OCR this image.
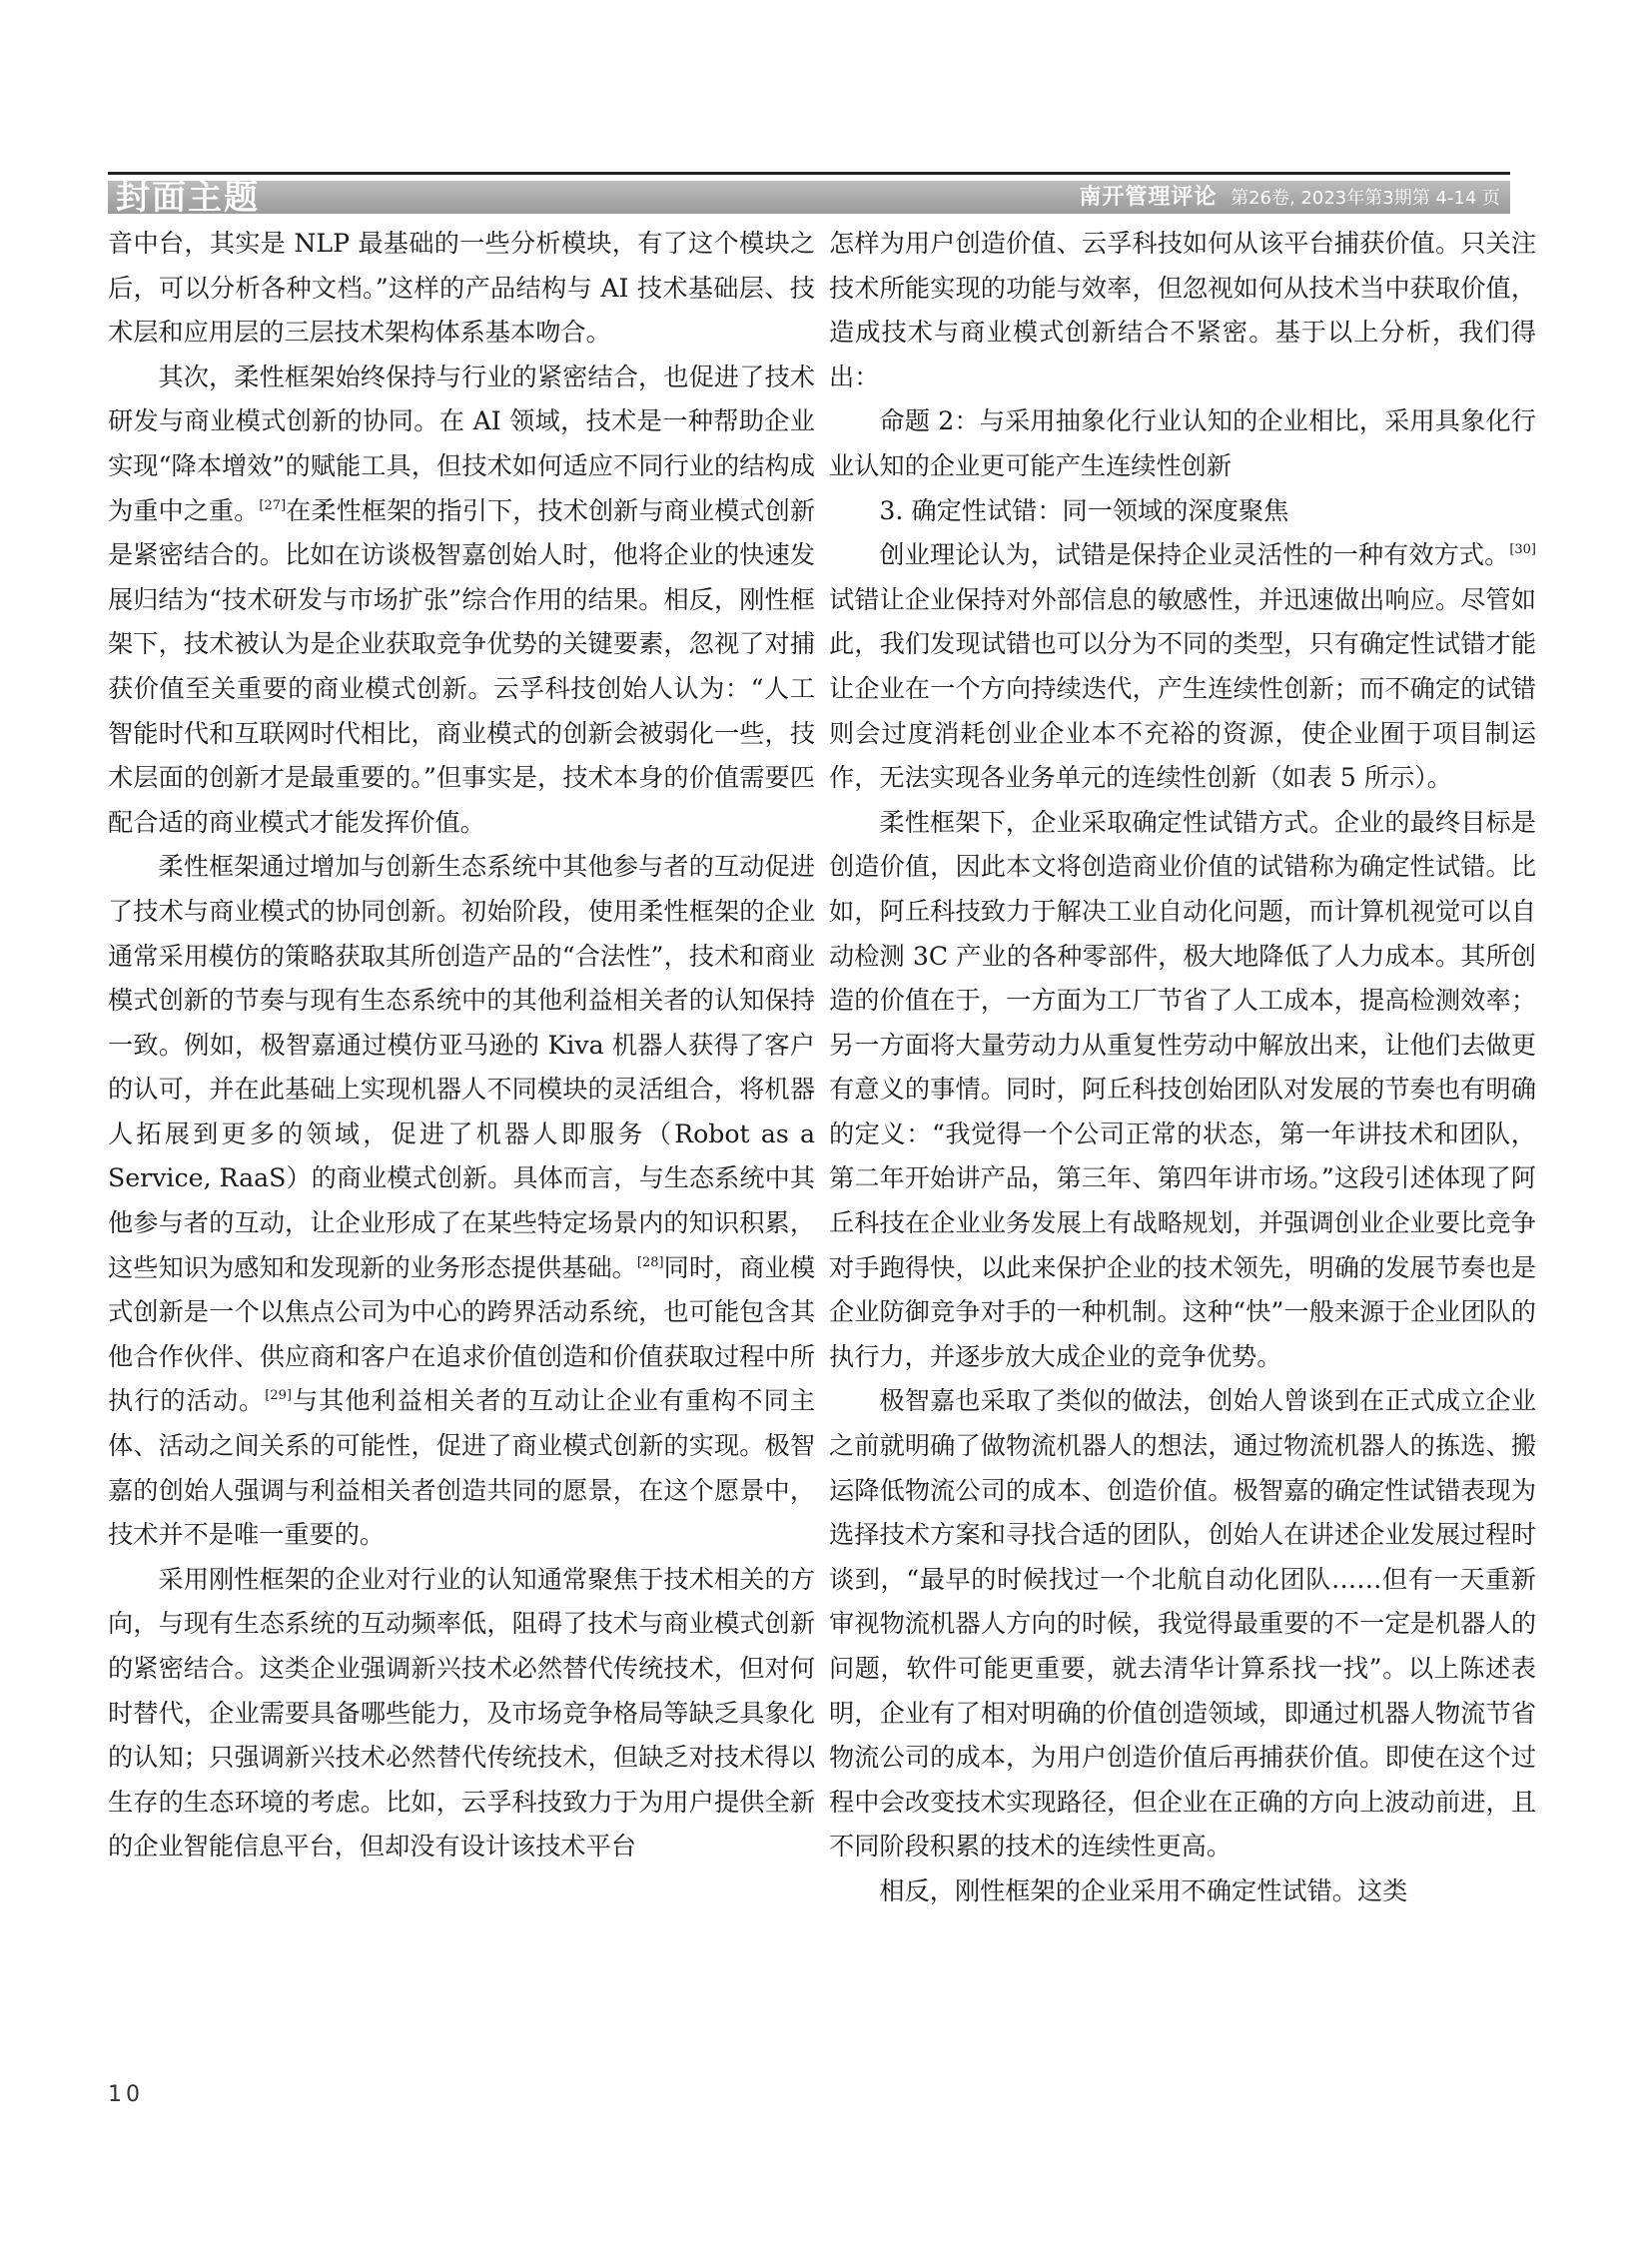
封面主题	南开管理评论 第26卷, 2023年第3期第 4-14 页

音中台，其实是 NLP 最基础的一些分析模块，有了这个模块之后，可以分析各种文档。”这样的产品结构与 AI 技术基础层、技术层和应用层的三层技术架构体系基本吻合。

其次，柔性框架始终保持与行业的紧密结合，也促进了技术研发与商业模式创新的协同。在 AI 领域，技术是一种帮助企业实现“降本增效”的赋能工具，但技术如何适应不同行业的结构成为重中之重。[27]在柔性框架的指引下，技术创新与商业模式创新是紧密结合的。比如在访谈极智嘉创始人时，他将企业的快速发展归结为“技术研发与市场扩张”综合作用的结果。相反，刚性框架下，技术被认为是企业获取竞争优势的关键要素，忽视了对捕获价值至关重要的商业模式创新。云孚科技创始人认为：“人工智能时代和互联网时代相比，商业模式的创新会被弱化一些，技术层面的创新才是最重要的。”但事实是，技术本身的价值需要匹配合适的商业模式才能发挥价值。

柔性框架通过增加与创新生态系统中其他参与者的互动促进了技术与商业模式的协同创新。初始阶段，使用柔性框架的企业通常采用模仿的策略获取其所创造产品的“合法性”，技术和商业模式创新的节奏与现有生态系统中的其他利益相关者的认知保持一致。例如，极智嘉通过模仿亚马逊的 Kiva 机器人获得了客户的认可，并在此基础上实现机器人不同模块的灵活组合，将机器人拓展到更多的领域，促进了机器人即服务（Robot as a Service, RaaS）的商业模式创新。具体而言，与生态系统中其他参与者的互动，让企业形成了在某些特定场景内的知识积累，这些知识为感知和发现新的业务形态提供基础。[28]同时，商业模式创新是一个以焦点公司为中心的跨界活动系统，也可能包含其他合作伙伴、供应商和客户在追求价值创造和价值获取过程中所执行的活动。[29]与其他利益相关者的互动让企业有重构不同主体、活动之间关系的可能性，促进了商业模式创新的实现。极智嘉的创始人强调与利益相关者创造共同的愿景，在这个愿景中，技术并不是唯一重要的。

采用刚性框架的企业对行业的认知通常聚焦于技术相关的方向，与现有生态系统的互动频率低，阻碍了技术与商业模式创新的紧密结合。这类企业强调新兴技术必然替代传统技术，但对何时替代，企业需要具备哪些能力，及市场竞争格局等缺乏具象化的认知；只强调新兴技术必然替代传统技术，但缺乏对技术得以生存的生态环境的考虑。比如，云孚科技致力于为用户提供全新的企业智能信息平台，但却没有设计该技术平台

怎样为用户创造价值、云孚科技如何从该平台捕获价值。只关注技术所能实现的功能与效率，但忽视如何从技术当中获取价值，造成技术与商业模式创新结合不紧密。基于以上分析，我们得出：

命题 2：与采用抽象化行业认知的企业相比，采用具象化行业认知的企业更可能产生连续性创新

3. 确定性试错：同一领域的深度聚焦

创业理论认为，试错是保持企业灵活性的一种有效方式。[30]试错让企业保持对外部信息的敏感性，并迅速做出响应。尽管如此，我们发现试错也可以分为不同的类型，只有确定性试错才能让企业在一个方向持续迭代，产生连续性创新；而不确定的试错则会过度消耗创业企业本不充裕的资源，使企业囿于项目制运作，无法实现各业务单元的连续性创新（如表 5 所示）。

柔性框架下，企业采取确定性试错方式。企业的最终目标是创造价值，因此本文将创造商业价值的试错称为确定性试错。比如，阿丘科技致力于解决工业自动化问题，而计算机视觉可以自动检测 3C 产业的各种零部件，极大地降低了人力成本。其所创造的价值在于，一方面为工厂节省了人工成本，提高检测效率；另一方面将大量劳动力从重复性劳动中解放出来，让他们去做更有意义的事情。同时，阿丘科技创始团队对发展的节奏也有明确的定义：“我觉得一个公司正常的状态，第一年讲技术和团队，第二年开始讲产品，第三年、第四年讲市场。”这段引述体现了阿丘科技在企业业务发展上有战略规划，并强调创业企业要比竞争对手跑得快，以此来保护企业的技术领先，明确的发展节奏也是企业防御竞争对手的一种机制。这种“快”一般来源于企业团队的执行力，并逐步放大成企业的竞争优势。

极智嘉也采取了类似的做法，创始人曾谈到在正式成立企业之前就明确了做物流机器人的想法，通过物流机器人的拣选、搬运降低物流公司的成本、创造价值。极智嘉的确定性试错表现为选择技术方案和寻找合适的团队，创始人在讲述企业发展过程时谈到，“最早的时候找过一个北航自动化团队……但有一天重新审视物流机器人方向的时候，我觉得最重要的不一定是机器人的问题，软件可能更重要，就去清华计算系找一找”。以上陈述表明，企业有了相对明确的价值创造领域，即通过机器人物流节省物流公司的成本，为用户创造价值后再捕获价值。即使在这个过程中会改变技术实现路径，但企业在正确的方向上波动前进，且不同阶段积累的技术的连续性更高。

相反，刚性框架的企业采用不确定性试错。这类

10
